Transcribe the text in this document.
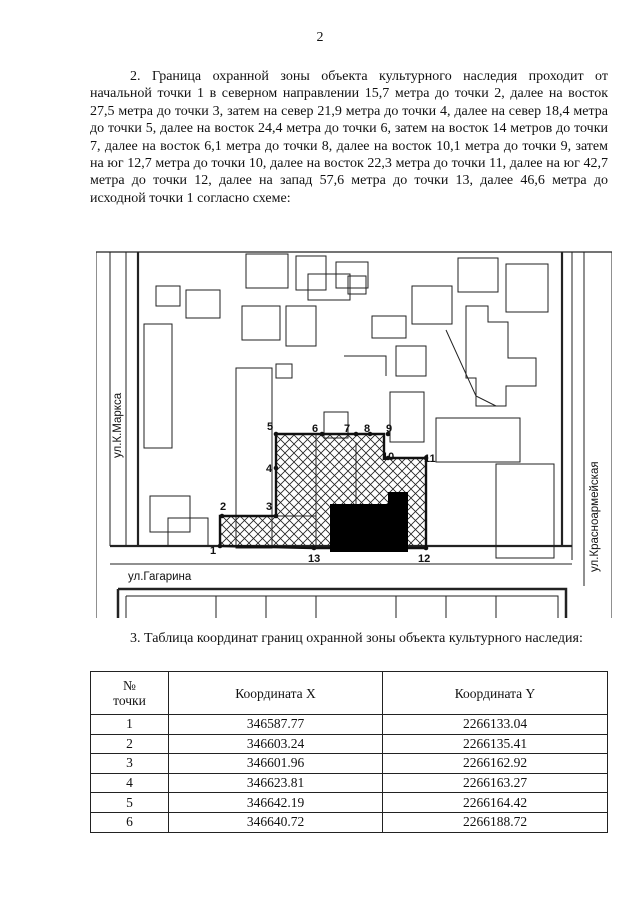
2

2. Граница охранной зоны объекта культурного наследия проходит от начальной точки 1 в северном направлении 15,7 метра до точки 2, далее на восток 27,5 метра до точки 3, затем на север 21,9 метра до точки 4, далее на север 18,4 метра до точки 5, далее на восток 24,4 метра до точки 6, затем на восток 14 метров до точки 7, далее на восток 6,1 метра до точки 8, далее на восток 10,1 метра до точки 9, затем на юг 12,7 метра до точки 10, далее на восток 22,3 метра до точки 11, далее на юг 42,7 метра до точки 12, далее на запад 57,6 метра до точки 13, далее 46,6 метра до исходной точки 1 согласно схеме:

1
2	3
4
5	6 7 8 9
10	11
12
13
ул.К.Маркса
ул.Красноармейская
ул.Гагарина

3. Таблица координат границ охранной зоны объекта культурного наследия:

№
точки	Координата X	Координата Y
1	346587.77	2266133.04
2	346603.24	2266135.41
3	346601.96	2266162.92
4	346623.81	2266163.27
5	346642.19	2266164.42
6	346640.72	2266188.72
